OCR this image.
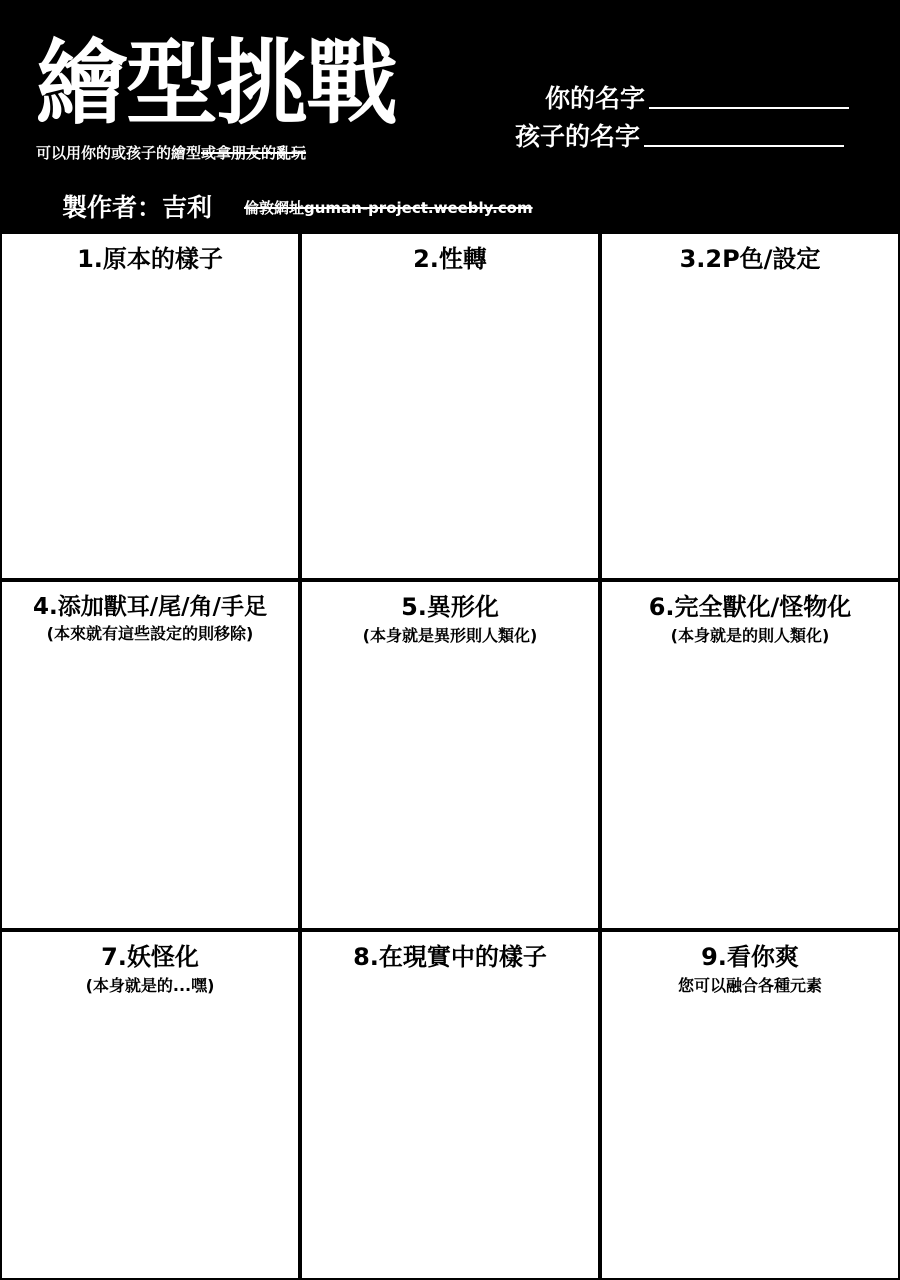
繪型挑戰
可以用你的或孩子的繪型或拿朋友的亂玩
製作者：吉利 倫敦網址guman-project.weebly.com
你的名字
孩子的名字
1.原本的樣子	2.性轉	3.2P色/設定
4.添加獸耳/尾/角/手足
(本來就有這些設定的則移除)
5.異形化
(本身就是異形則人類化)
6.完全獸化/怪物化
(本身就是的則人類化)
7.妖怪化
(本身就是的...嘿)
8.在現實中的樣子	9.看你爽
您可以融合各種元素
